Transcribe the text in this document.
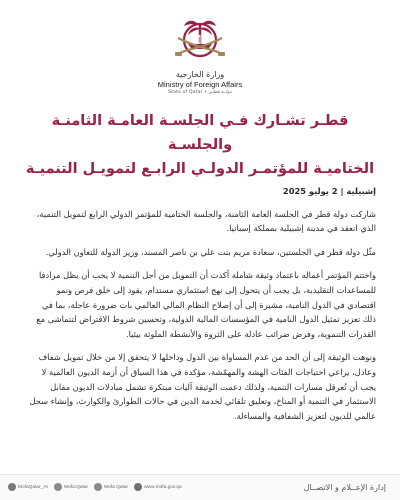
وزارة الخارجية
Ministry of Foreign Affairs
State of Qatar • دولــة قطــر
قطـر تشـارك فـي الجلسـة العامـة الثامنـة والجلسـة
الختاميـة للمؤتمـر الدولـي الرابـع لتمويـل التنميـة
إشبيلية | 2 يوليو 2025

شاركت دولة قطر في الجلسة العامة الثامنة، والجلسة الختامية للمؤتمر الدولي الرابع لتمويل التنمية، الذي انعقد في مدينة إشبيلية بمملكة إسبانيا.

مثّل دولة قطر في الجلستين، سعادة مريم بنت علي بن ناصر المسند، وزير الدولة للتعاون الدولي.

واختتم المؤتمر أعماله باعتماد وثيقة شاملة أكدت أن التمويل من أجل التنمية لا يجب أن يظل مرادفا للمساعدات التقليدية، بل يجب أن يتحول إلى نهج استثماري مستدام، يقود إلى خلق فرص ونمو اقتصادي في الدول النامية، مشيرة إلى أن إصلاح النظام المالي العالمي بات ضرورة عاجلة، بما في ذلك تعزيز تمثيل الدول النامية في المؤسسات المالية الدولية، وتحسين شروط الاقتراض لتتماشى مع القدرات التنموية، وفرض ضرائب عادلة على الثروة والأنشطة الملوثة بيئيا.

ونوهت الوثيقة إلى أن الحد من عدم المساواة بين الدول وداخلها لا يتحقق إلا من خلال تمويل شفاف وعادل، يراعي احتياجات الفئات الهشة والمهمّشة، مؤكدة في هذا السياق أن أزمة الديون العالمية لا يجب أن تُعرقل مسارات التنمية، ولذلك دعمت الوثيقة آليات مبتكرة تشمل مبادلات الديون مقابل الاستثمار في التنمية أو المناخ، وتعليق تلقائي لخدمة الدين في حالات الطوارئ والكوارث، وإنشاء سجل عالمي للديون لتعزيز الشفافية والمساءلة.

MofaQatar_Ar	Mofa.Qatar	Mofa Qatar	www.mofa.gov.qa	إدارة الإعــلام و الاتصــال
